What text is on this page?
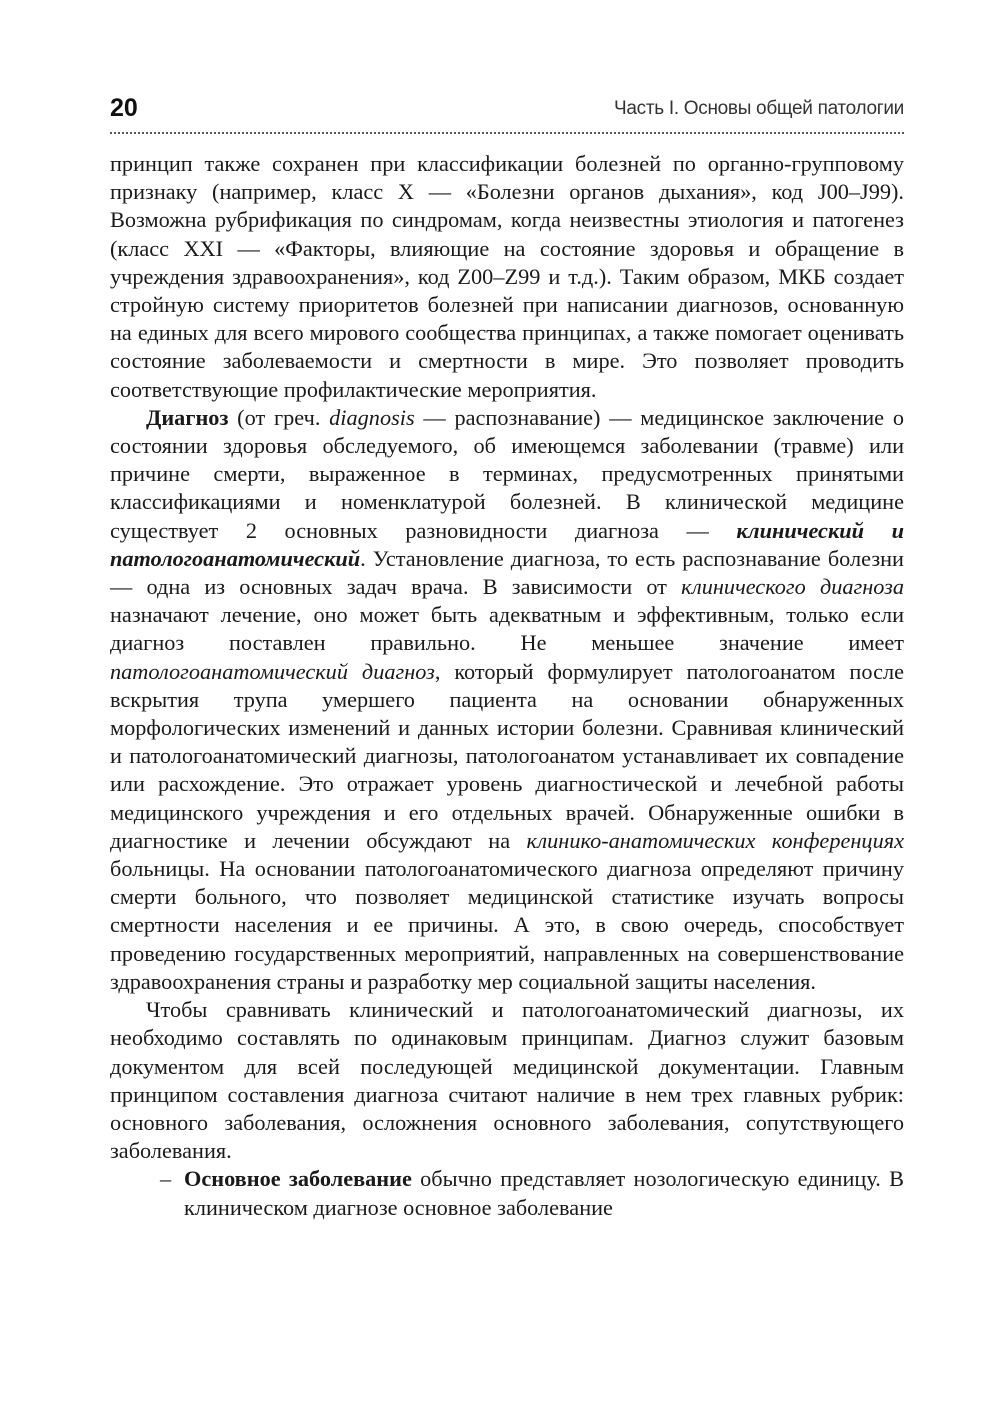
20	Часть I. Основы общей патологии

принцип также сохранен при классификации болезней по органно-групповому признаку (например, класс X — «Болезни органов дыхания», код J00–J99). Возможна рубрификация по синдромам, когда неизвестны этиология и патогенез (класс XXI — «Факторы, влияющие на состояние здоровья и обращение в учреждения здравоохранения», код Z00–Z99 и т.д.). Таким образом, МКБ создает стройную систему приоритетов болезней при написании диагнозов, основанную на единых для всего мирового сообщества принципах, а также помогает оценивать состояние заболеваемости и смертности в мире. Это позволяет проводить соответствующие профилактические мероприятия.

Диагноз (от греч. diagnosis — распознавание) — медицинское заключение о состоянии здоровья обследуемого, об имеющемся заболевании (травме) или причине смерти, выраженное в терминах, предусмотренных принятыми классификациями и номенклатурой болезней. В клинической медицине существует 2 основных разновидности диагноза — клинический и патологоанатомический. Установление диагноза, то есть распознавание болезни — одна из основных задач врача. В зависимости от клинического диагноза назначают лечение, оно может быть адекватным и эффективным, только если диагноз поставлен правильно. Не меньшее значение имеет патологоанатомический диагноз, который формулирует патологоанатом после вскрытия трупа умершего пациента на основании обнаруженных морфологических изменений и данных истории болезни. Сравнивая клинический и патологоанатомический диагнозы, патологоанатом устанавливает их совпадение или расхождение. Это отражает уровень диагностической и лечебной работы медицинского учреждения и его отдельных врачей. Обнаруженные ошибки в диагностике и лечении обсуждают на клинико-анатомических конференциях больницы. На основании патологоанатомического диагноза определяют причину смерти больного, что позволяет медицинской статистике изучать вопросы смертности населения и ее причины. А это, в свою очередь, способствует проведению государственных мероприятий, направленных на совершенствование здравоохранения страны и разработку мер социальной защиты населения.

Чтобы сравнивать клинический и патологоанатомический диагнозы, их необходимо составлять по одинаковым принципам. Диагноз служит базовым документом для всей последующей медицинской документации. Главным принципом составления диагноза считают наличие в нем трех главных рубрик: основного заболевания, осложнения основного заболевания, сопутствующего заболевания.

– Основное заболевание обычно представляет нозологическую единицу. В клиническом диагнозе основное заболевание
